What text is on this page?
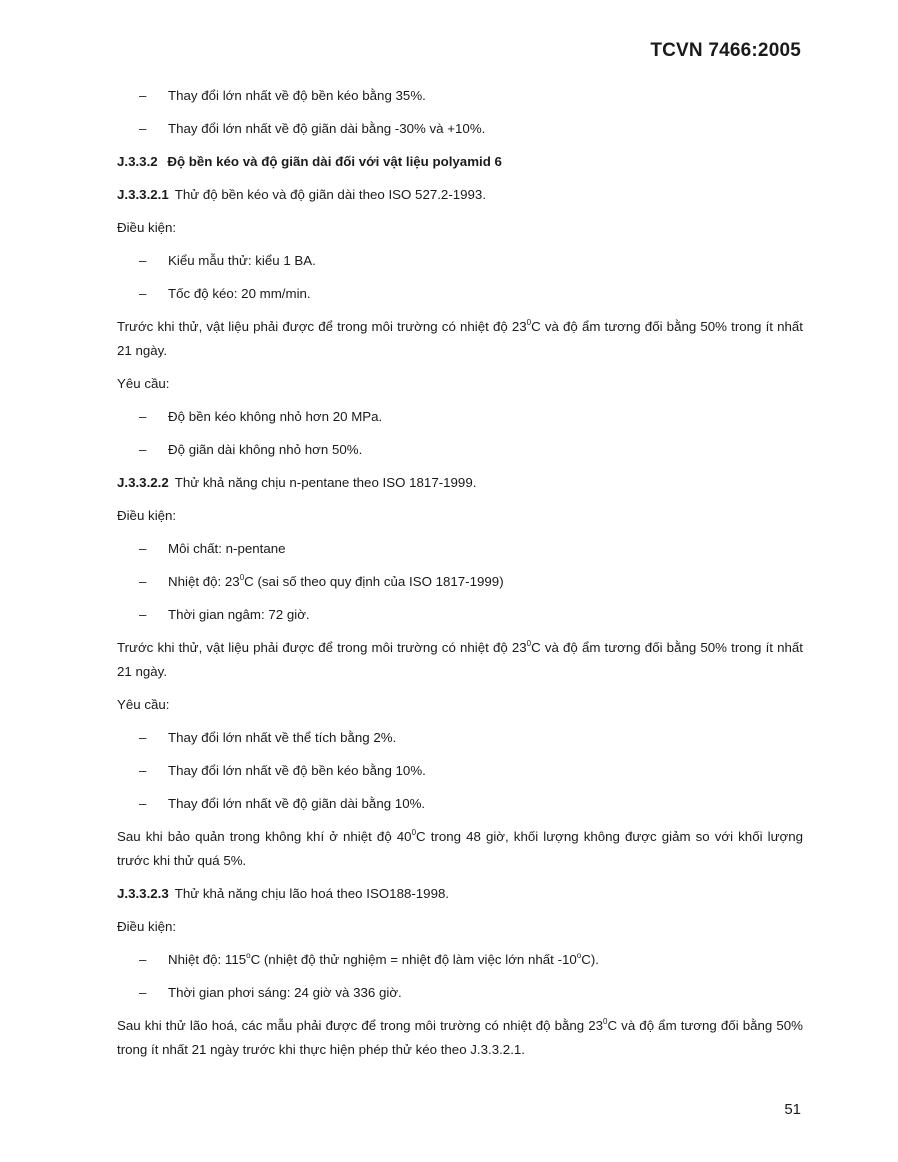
TCVN 7466:2005
– Thay đổi lớn nhất về độ bền kéo bằng 35%.
– Thay đổi lớn nhất về độ giãn dài bằng -30% và +10%.
J.3.3.2 Độ bền kéo và độ giãn dài đối với vật liệu polyamid 6
J.3.3.2.1 Thử độ bền kéo và độ giãn dài theo ISO 527.2-1993.
Điều kiện:
– Kiểu mẫu thử: kiểu 1 BA.
– Tốc độ kéo: 20 mm/min.
Trước khi thử, vật liệu phải được để trong môi trường có nhiệt độ $23^0C$ và độ ẩm tương đối bằng 50% trong ít nhất 21 ngày.
Yêu cầu:
– Độ bền kéo không nhỏ hơn 20 MPa.
– Độ giãn dài không nhỏ hơn 50%.
J.3.3.2.2 Thử khả năng chịu n-pentane theo ISO 1817-1999.
Điều kiện:
– Môi chất: n-pentane
– Nhiệt độ: $23^0C$ (sai số theo quy định của ISO 1817-1999)
– Thời gian ngâm: 72 giờ.
Trước khi thử, vật liệu phải được để trong môi trường có nhiệt độ $23^0C$ và độ ẩm tương đối bằng 50% trong ít nhất 21 ngày.
Yêu cầu:
– Thay đổi lớn nhất về thể tích bằng 2%.
– Thay đổi lớn nhất về độ bền kéo bằng 10%.
– Thay đổi lớn nhất về độ giãn dài bằng 10%.
Sau khi bảo quản trong không khí ở nhiệt độ $40^0C$ trong 48 giờ, khối lượng không được giảm so với khối lượng trước khi thử quá 5%.
J.3.3.2.3 Thử khả năng chịu lão hoá theo ISO188-1998.
Điều kiện:
– Nhiệt độ: 115$^o$C (nhiệt độ thử nghiệm = nhiệt độ làm việc lớn nhất -10$^o$C).
– Thời gian phơi sáng: 24 giờ và 336 giờ.
Sau khi thử lão hoá, các mẫu phải được để trong môi trường có nhiệt độ bằng $23^0C$ và độ ẩm tương đối bằng 50% trong ít nhất 21 ngày trước khi thực hiện phép thử kéo theo J.3.3.2.1.
51
